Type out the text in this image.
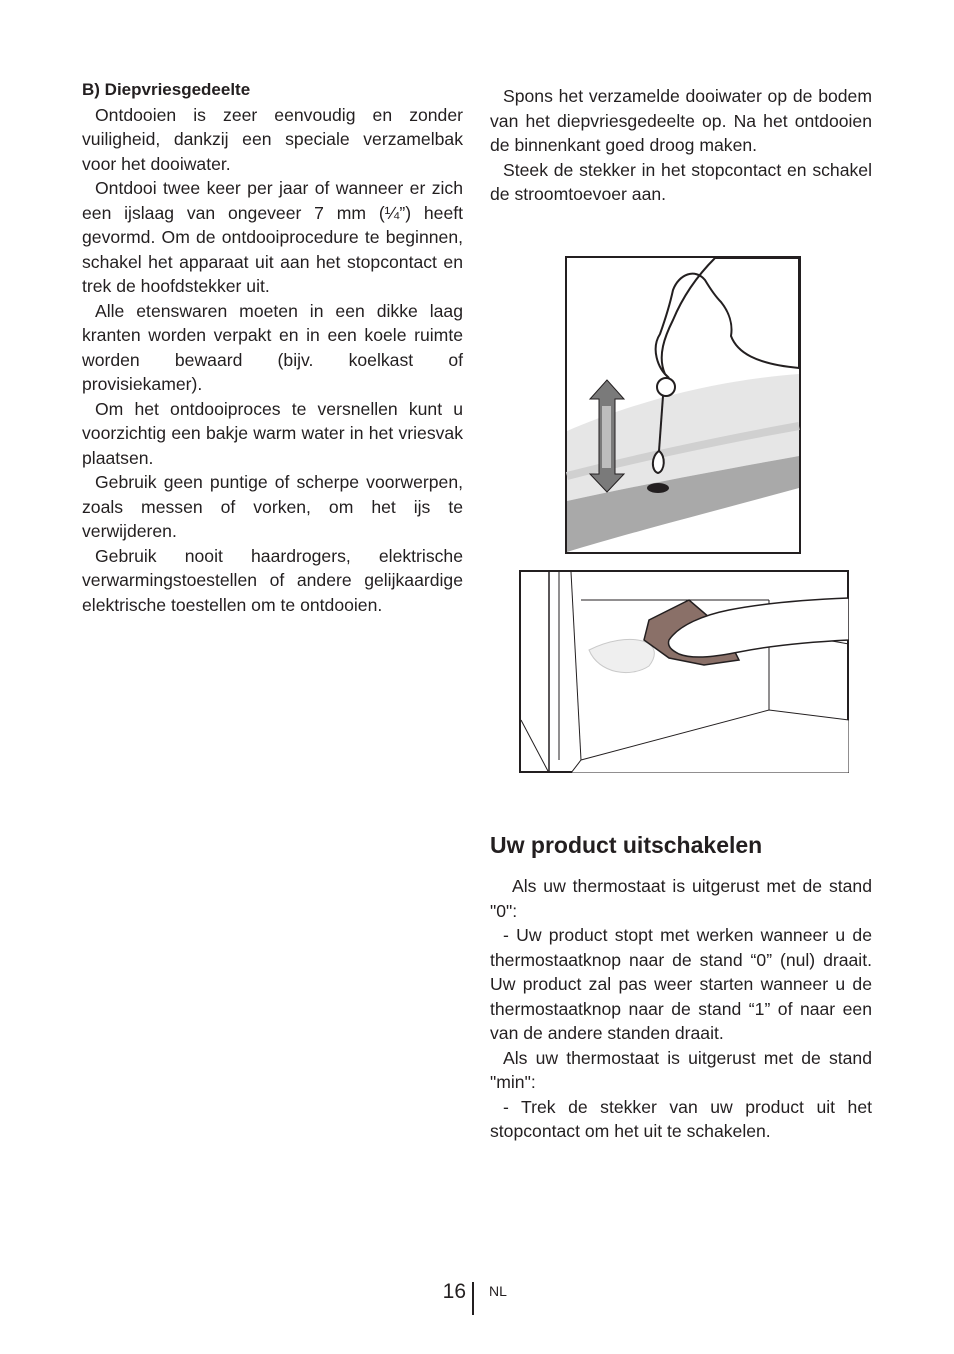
B) Diepvriesgedeelte

Ontdooien is zeer eenvoudig en zonder vuiligheid, dankzij een speciale verzamelbak voor het dooiwater.

Ontdooi twee keer per jaar of wanneer er zich een ijslaag van ongeveer 7 mm (¼”) heeft gevormd. Om de ontdooiprocedure te beginnen, schakel het apparaat uit aan het stopcontact en trek de hoofdstekker uit.

Alle etenswaren moeten in een dikke laag kranten worden verpakt en in een koele ruimte worden bewaard (bijv. koelkast of provisiekamer).

Om het ontdooiproces te versnellen kunt u voorzichtig een bakje warm water in het vriesvak plaatsen.

Gebruik geen puntige of scherpe voorwerpen, zoals messen of vorken, om het ijs te verwijderen.

Gebruik nooit haardrogers, elektrische verwarmingstoestellen of andere gelijkaardige elektrische toestellen om te ontdooien.

Spons het verzamelde dooiwater op de bodem van het diepvriesgedeelte op. Na het ontdooien de binnenkant goed droog maken.

Steek de stekker in het stopcontact en schakel de stroomtoevoer aan.

Uw product uitschakelen

Als uw thermostaat is uitgerust met de stand "0":

- Uw product stopt met werken wanneer u de thermostaatknop naar de stand “0” (nul) draait. Uw product zal pas weer starten wanneer u de thermostaatknop naar de stand “1” of naar een van de andere standen draait.

Als uw thermostaat is uitgerust met de stand "min":

- Trek de stekker van uw product uit het stopcontact om het uit te schakelen.

16 NL
